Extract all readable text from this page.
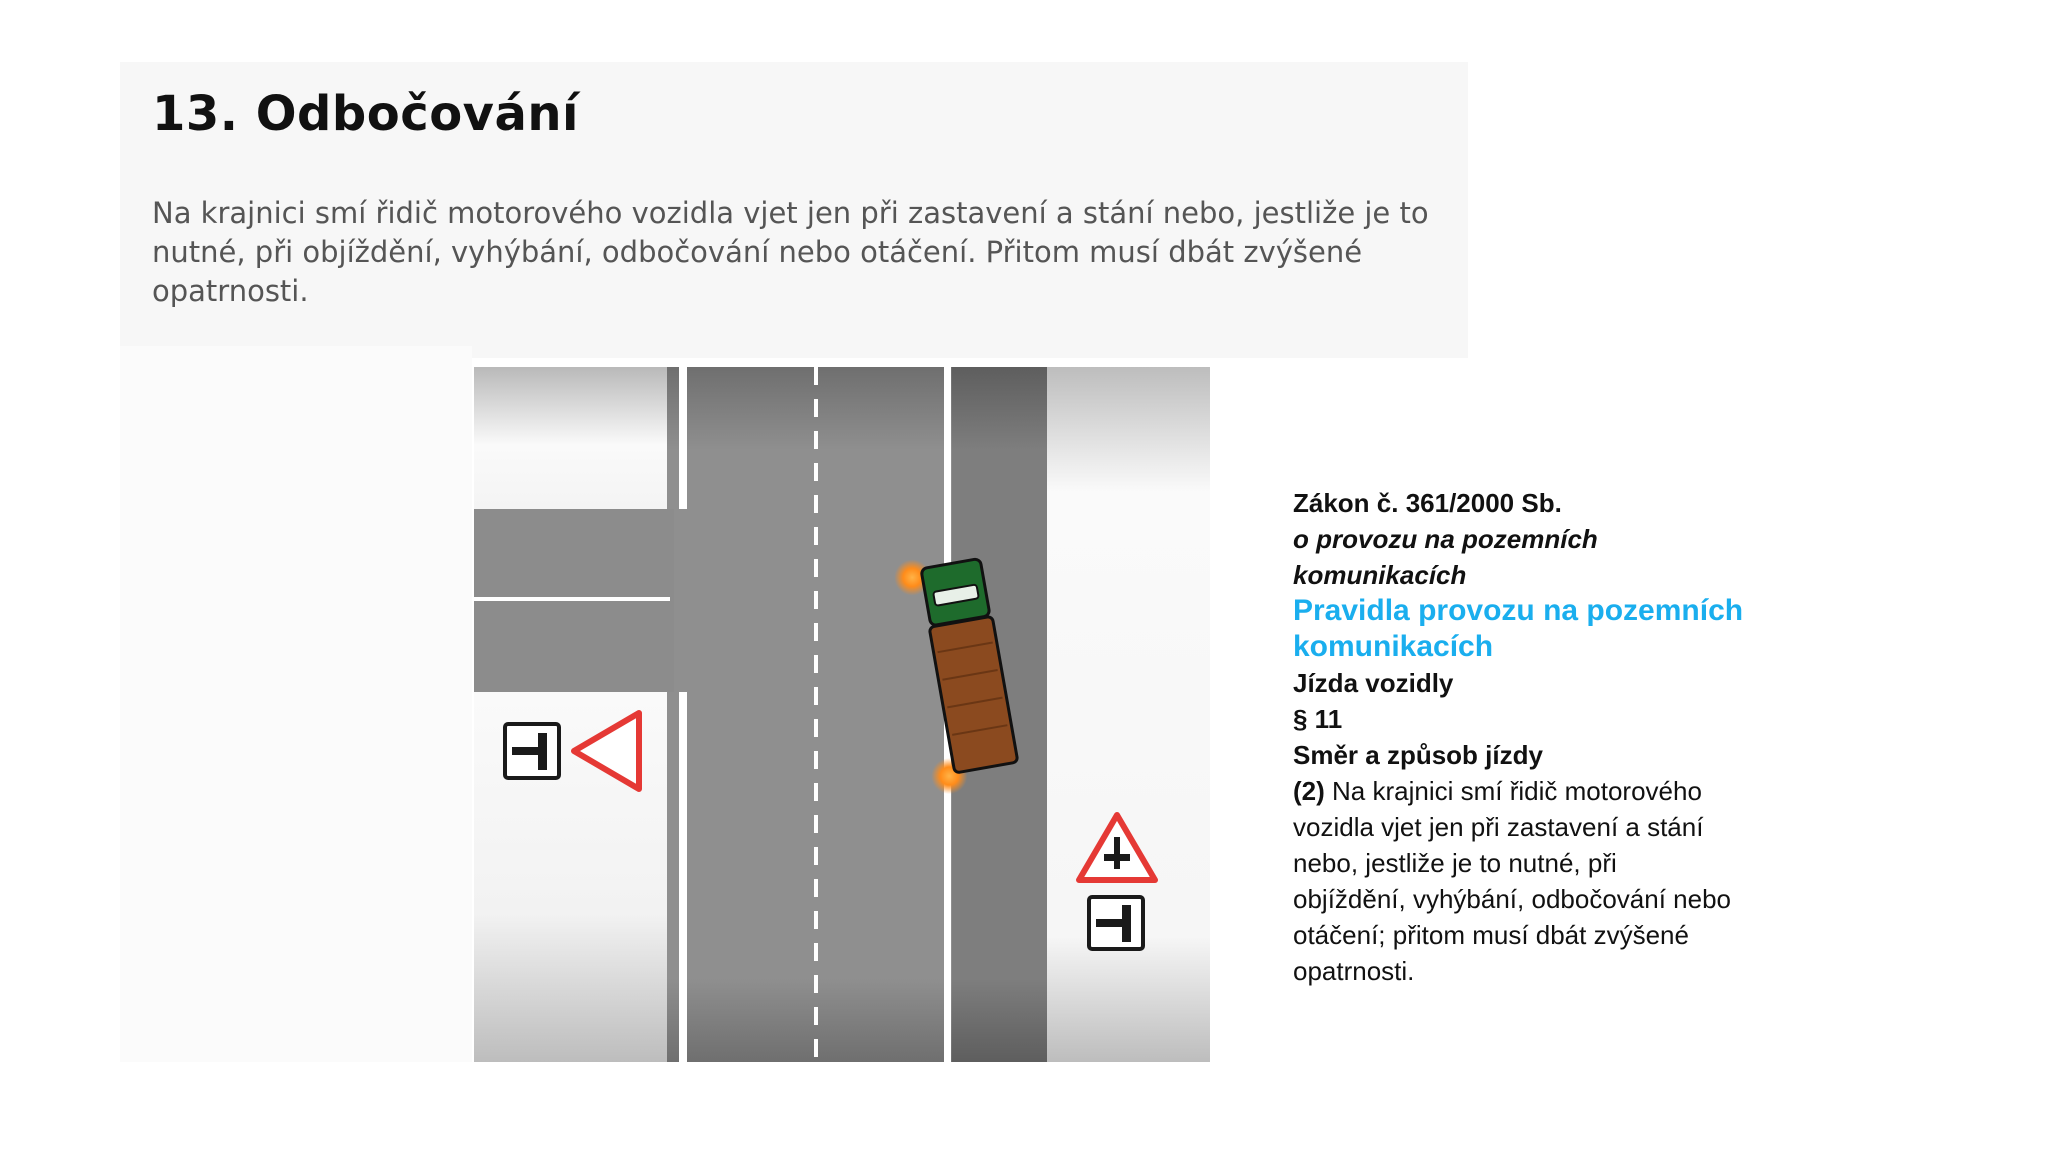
13. Odbočování

Na krajnici smí řidič motorového vozidla vjet jen při zastavení a stání nebo, jestliže je to nutné, při objíždění, vyhýbání, odbočování nebo otáčení. Přitom musí dbát zvýšené opatrnosti.

Zákon č. 361/2000 Sb.
o provozu na pozemních
komunikacích
Pravidla provozu na pozemních
komunikacích
Jízda vozidly
§ 11
Směr a způsob jízdy
(2) Na krajnici smí řidič motorového
vozidla vjet jen při zastavení a stání
nebo, jestliže je to nutné, při
objíždění, vyhýbání, odbočování nebo
otáčení; přitom musí dbát zvýšené
opatrnosti.
